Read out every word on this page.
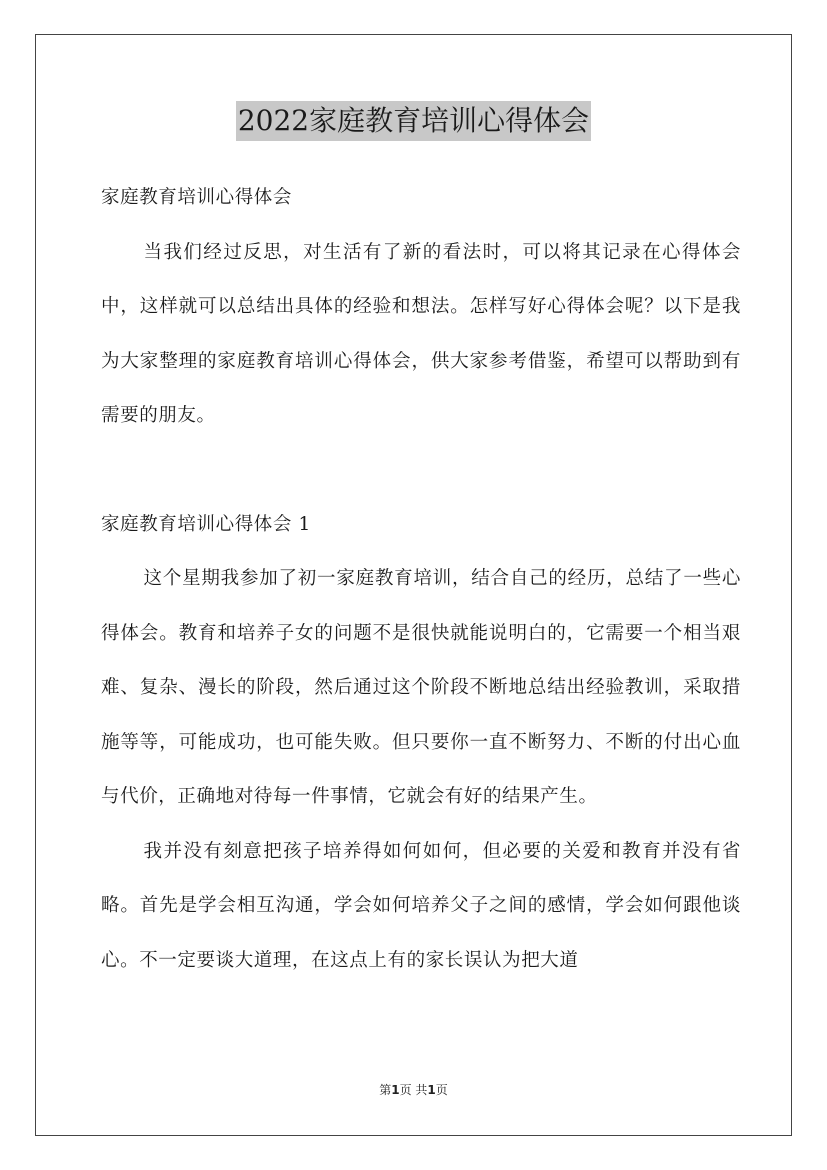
2022家庭教育培训心得体会

家庭教育培训心得体会

当我们经过反思，对生活有了新的看法时，可以将其记录在心得体会中，这样就可以总结出具体的经验和想法。怎样写好心得体会呢？以下是我为大家整理的家庭教育培训心得体会，供大家参考借鉴，希望可以帮助到有需要的朋友。

家庭教育培训心得体会 1

这个星期我参加了初一家庭教育培训，结合自己的经历，总结了一些心得体会。教育和培养子女的问题不是很快就能说明白的，它需要一个相当艰难、复杂、漫长的阶段，然后通过这个阶段不断地总结出经验教训，采取措施等等，可能成功，也可能失败。但只要你一直不断努力、不断的付出心血与代价，正确地对待每一件事情，它就会有好的结果产生。

我并没有刻意把孩子培养得如何如何，但必要的关爱和教育并没有省略。首先是学会相互沟通，学会如何培养父子之间的感情，学会如何跟他谈心。不一定要谈大道理，在这点上有的家长误认为把大道

第1页 共1页
